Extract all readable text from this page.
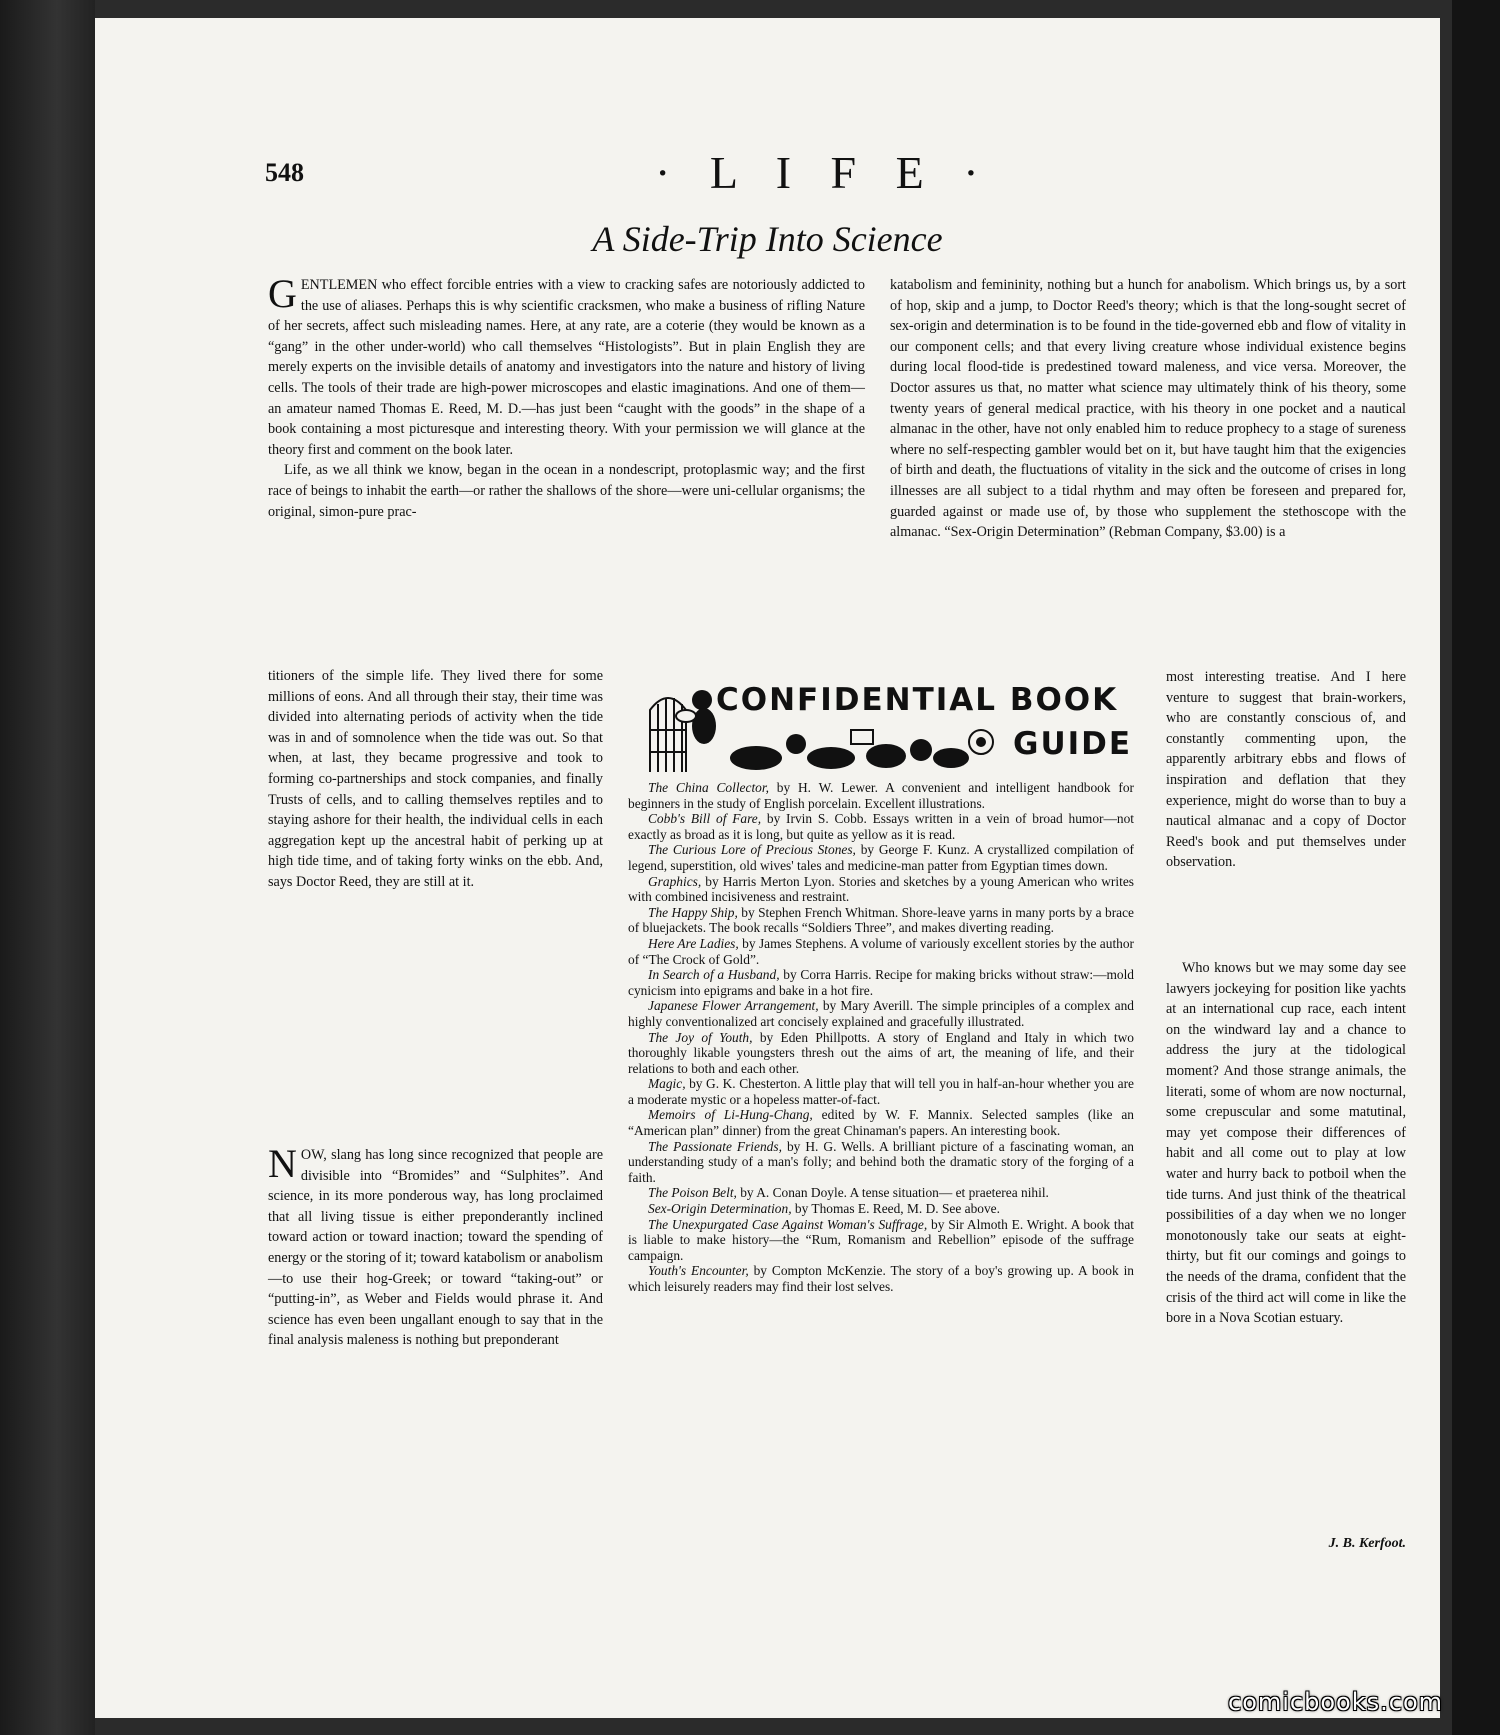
548	· L I F E ·
A Side-Trip Into Science

GENTLEMEN who effect forcible entries with a view to cracking safes are notoriously addicted to the use of aliases. Perhaps this is why scientific cracksmen, who make a business of rifling Nature of her secrets, affect such misleading names. Here, at any rate, are a coterie (they would be known as a “gang” in the other under-world) who call themselves “Histologists”. But in plain English they are merely experts on the invisible details of anatomy and investigators into the nature and history of living cells. The tools of their trade are high-power microscopes and elastic imaginations. And one of them—an amateur named Thomas E. Reed, M. D.—has just been “caught with the goods” in the shape of a book containing a most picturesque and interesting theory. With your permission we will glance at the theory first and comment on the book later.

Life, as we all think we know, began in the ocean in a nondescript, protoplasmic way; and the first race of beings to inhabit the earth—or rather the shallows of the shore—were uni-cellular organisms; the original, simon-pure prac-

titioners of the simple life. They lived there for some millions of eons. And all through their stay, their time was divided into alternating periods of activity when the tide was in and of somnolence when the tide was out. So that when, at last, they became progressive and took to forming co-partnerships and stock companies, and finally Trusts of cells, and to calling themselves reptiles and to staying ashore for their health, the individual cells in each aggregation kept up the ancestral habit of perking up at high tide time, and of taking forty winks on the ebb. And, says Doctor Reed, they are still at it.

NOW, slang has long since recognized that people are divisible into “Bromides” and “Sulphites”. And science, in its more ponderous way, has long proclaimed that all living tissue is either preponderantly inclined toward action or toward inaction; toward the spending of energy or the storing of it; toward katabolism or anabolism—to use their hog-Greek; or toward “taking-out” or “putting-in”, as Weber and Fields would phrase it. And science has even been ungallant enough to say that in the final analysis maleness is nothing but preponderant

katabolism and femininity, nothing but a hunch for anabolism. Which brings us, by a sort of hop, skip and a jump, to Doctor Reed's theory; which is that the long-sought secret of sex-origin and determination is to be found in the tide-governed ebb and flow of vitality in our component cells; and that every living creature whose individual existence begins during local flood-tide is predestined toward maleness, and vice versa. Moreover, the Doctor assures us that, no matter what science may ultimately think of his theory, some twenty years of general medical practice, with his theory in one pocket and a nautical almanac in the other, have not only enabled him to reduce prophecy to a stage of sureness where no self-respecting gambler would bet on it, but have taught him that the exigencies of birth and death, the fluctuations of vitality in the sick and the outcome of crises in long illnesses are all subject to a tidal rhythm and may often be foreseen and prepared for, guarded against or made use of, by those who supplement the stethoscope with the almanac. “Sex-Origin Determination” (Rebman Company, $3.00) is a

most interesting treatise. And I here venture to suggest that brain-workers, who are constantly conscious of, and constantly commenting upon, the apparently arbitrary ebbs and flows of inspiration and deflation that they experience, might do worse than to buy a nautical almanac and a copy of Doctor Reed's book and put themselves under observation.

Who knows but we may some day see lawyers jockeying for position like yachts at an international cup race, each intent on the windward lay and a chance to address the jury at the tidological moment? And those strange animals, the literati, some of whom are now nocturnal, some crepuscular and some matutinal, may yet compose their differences of habit and all come out to play at low water and hurry back to potboil when the tide turns. And just think of the theatrical possibilities of a day when we no longer monotonously take our seats at eight-thirty, but fit our comings and goings to the needs of the drama, confident that the crisis of the third act will come in like the bore in a Nova Scotian estuary.

J. B. Kerfoot.
CONFIDENTIAL BOOK
GUIDE

The China Collector, by H. W. Lewer. A convenient and intelligent handbook for beginners in the study of English porcelain. Excellent illustrations.

Cobb's Bill of Fare, by Irvin S. Cobb. Essays written in a vein of broad humor—not exactly as broad as it is long, but quite as yellow as it is read.

The Curious Lore of Precious Stones, by George F. Kunz. A crystallized compilation of legend, superstition, old wives' tales and medicine-man patter from Egyptian times down.

Graphics, by Harris Merton Lyon. Stories and sketches by a young American who writes with combined incisiveness and restraint.

The Happy Ship, by Stephen French Whitman. Shore-leave yarns in many ports by a brace of bluejackets. The book recalls “Soldiers Three”, and makes diverting reading.

Here Are Ladies, by James Stephens. A volume of variously excellent stories by the author of “The Crock of Gold”.

In Search of a Husband, by Corra Harris. Recipe for making bricks without straw:—mold cynicism into epigrams and bake in a hot fire.

Japanese Flower Arrangement, by Mary Averill. The simple principles of a complex and highly conventionalized art concisely explained and gracefully illustrated.

The Joy of Youth, by Eden Phillpotts. A story of England and Italy in which two thoroughly likable youngsters thresh out the aims of art, the meaning of life, and their relations to both and each other.

Magic, by G. K. Chesterton. A little play that will tell you in half-an-hour whether you are a moderate mystic or a hopeless matter-of-fact.

Memoirs of Li-Hung-Chang, edited by W. F. Mannix. Selected samples (like an “American plan” dinner) from the great Chinaman's papers. An interesting book.

The Passionate Friends, by H. G. Wells. A brilliant picture of a fascinating woman, an understanding study of a man's folly; and behind both the dramatic story of the forging of a faith.

The Poison Belt, by A. Conan Doyle. A tense situation— et praeterea nihil.

Sex-Origin Determination, by Thomas E. Reed, M. D. See above.

The Unexpurgated Case Against Woman's Suffrage, by Sir Almoth E. Wright. A book that is liable to make history—the “Rum, Romanism and Rebellion” episode of the suffrage campaign.

Youth's Encounter, by Compton McKenzie. The story of a boy's growing up. A book in which leisurely readers may find their lost selves.

comicbooks.com
